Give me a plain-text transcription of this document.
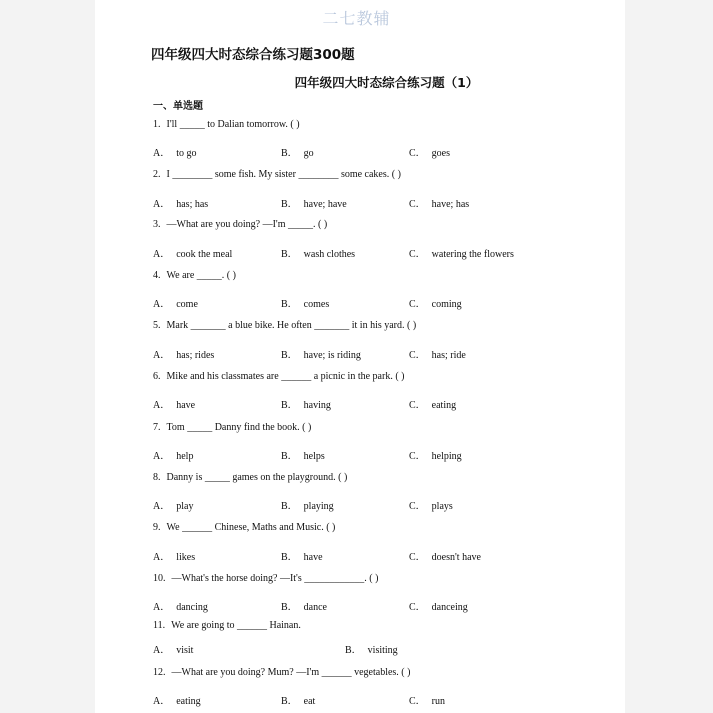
二七教辅
四年级四大时态综合练习题300题
四年级四大时态综合练习题（1）
一、单选题
1. I'll _____ to Dalian tomorrow. ( )
A． to go	B． go	C． goes
2. I ________ some fish. My sister ________ some cakes. ( )
A． has; has	B． have; have	C． have; has
3. —What are you doing? —I'm _____. ( )
A． cook the meal	B． wash clothes	C． watering the flowers
4. We are _____. ( )
A． come	B． comes	C． coming
5. Mark _______ a blue bike. He often _______ it in his yard. ( )
A． has; rides	B． have; is riding	C． has; ride
6. Mike and his classmates are ______ a picnic in the park. ( )
A． have	B． having	C． eating
7. Tom _____ Danny find the book. ( )
A． help	B． helps	C． helping
8. Danny is _____ games on the playground. ( )
A． play	B． playing	C． plays
9. We ______ Chinese, Maths and Music. ( )
A． likes	B． have	C． doesn't have
10. —What's the horse doing? —It's ____________. ( )
A． dancing	B． dance	C． danceing
11. We are going to ______ Hainan.
A． visit	B． visiting
12. —What are you doing? Mum? —I'm ______ vegetables. ( )
A． eating	B． eat	C． run
